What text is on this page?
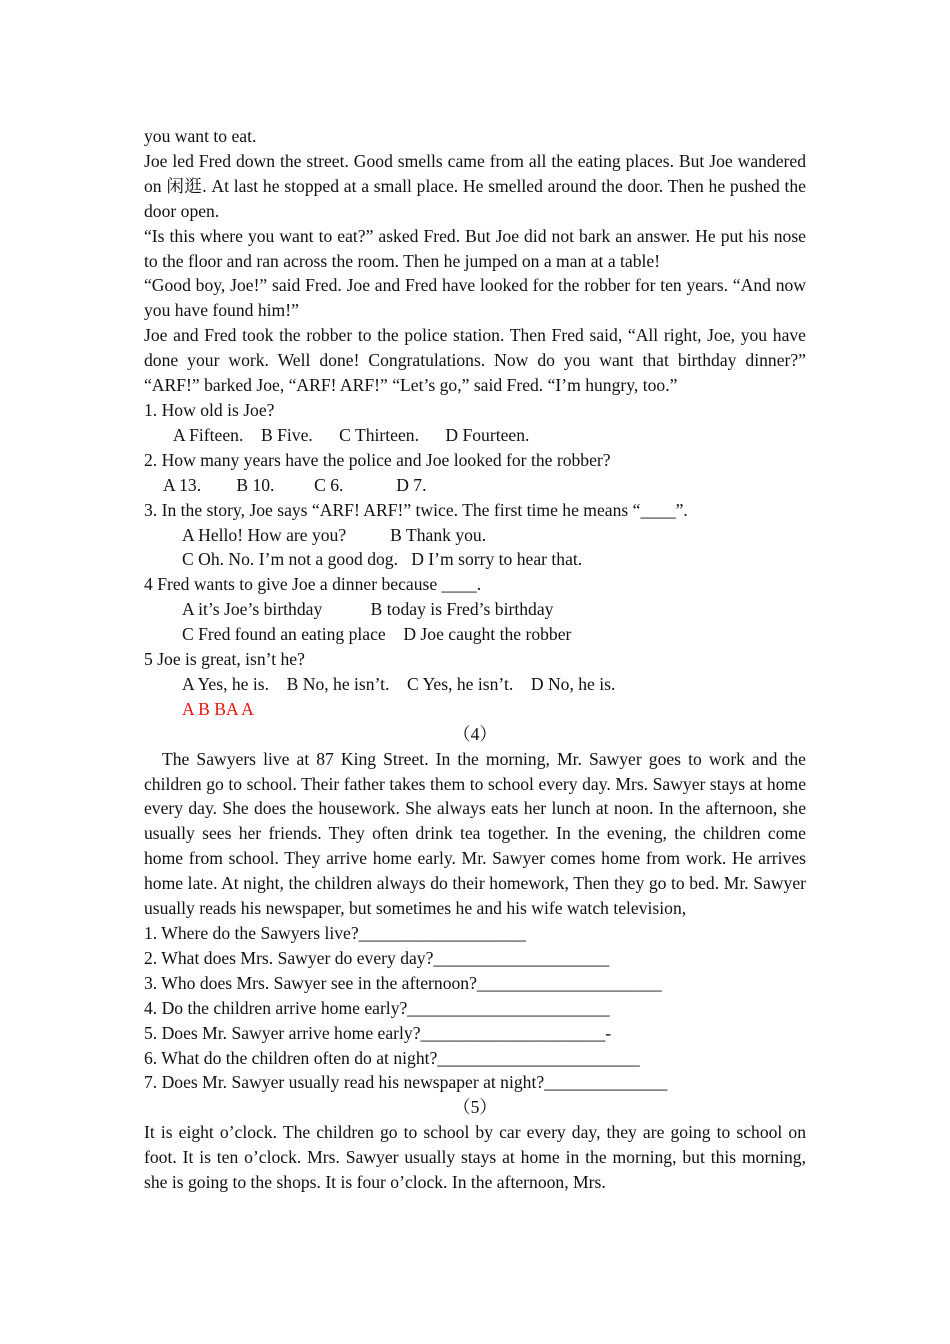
you want to eat.

Joe led Fred down the street. Good smells came from all the eating places. But Joe wandered on 闲逛. At last he stopped at a small place. He smelled around the door. Then he pushed the door open.

“Is this where you want to eat?” asked Fred. But Joe did not bark an answer. He put his nose to the floor and ran across the room. Then he jumped on a man at a table!

“Good boy, Joe!” said Fred. Joe and Fred have looked for the robber for ten years. “And now you have found him!”

Joe and Fred took the robber to the police station. Then Fred said, “All right, Joe, you have done your work. Well done! Congratulations. Now do you want that birthday dinner?” “ARF!” barked Joe, “ARF! ARF!” “Let’s go,” said Fred. “I’m hungry, too.”

1. How old is Joe?
A Fifteen. B Five. C Thirteen. D Fourteen.
2. How many years have the police and Joe looked for the robber?
A 13. B 10. C 6.	D 7.
3. In the story, Joe says “ARF! ARF!” twice. The first time he means “____”.
A Hello! How are you? B Thank you.
C Oh. No. I’m not a good dog. D I’m sorry to hear that.
4 Fred wants to give Joe a dinner because ____.
A it’s Joe’s birthday	B today is Fred’s birthday
C Fred found an eating place D Joe caught the robber
5 Joe is great, isn’t he?
A Yes, he is. B No, he isn’t. C Yes, he isn’t. D No, he is.
A B BA A
（4）

The Sawyers live at 87 King Street. In the morning, Mr. Sawyer goes to work and the children go to school. Their father takes them to school every day. Mrs. Sawyer stays at home every day. She does the housework. She always eats her lunch at noon. In the afternoon, she usually sees her friends. They often drink tea together. In the evening, the children come home from school. They arrive home early. Mr. Sawyer comes home from work. He arrives home late. At night, the children always do their homework, Then they go to bed. Mr. Sawyer usually reads his newspaper, but sometimes he and his wife watch television,

1. Where do the Sawyers live?___________________
2. What does Mrs. Sawyer do every day?____________________
3. Who does Mrs. Sawyer see in the afternoon?_____________________
4. Do the children arrive home early?_______________________
5. Does Mr. Sawyer arrive home early?_____________________-
6. What do the children often do at night?_______________________
7. Does Mr. Sawyer usually read his newspaper at night?______________
（5）

It is eight o’clock. The children go to school by car every day, they are going to school on foot. It is ten o’clock. Mrs. Sawyer usually stays at home in the morning, but this morning, she is going to the shops. It is four o’clock. In the afternoon, Mrs.
